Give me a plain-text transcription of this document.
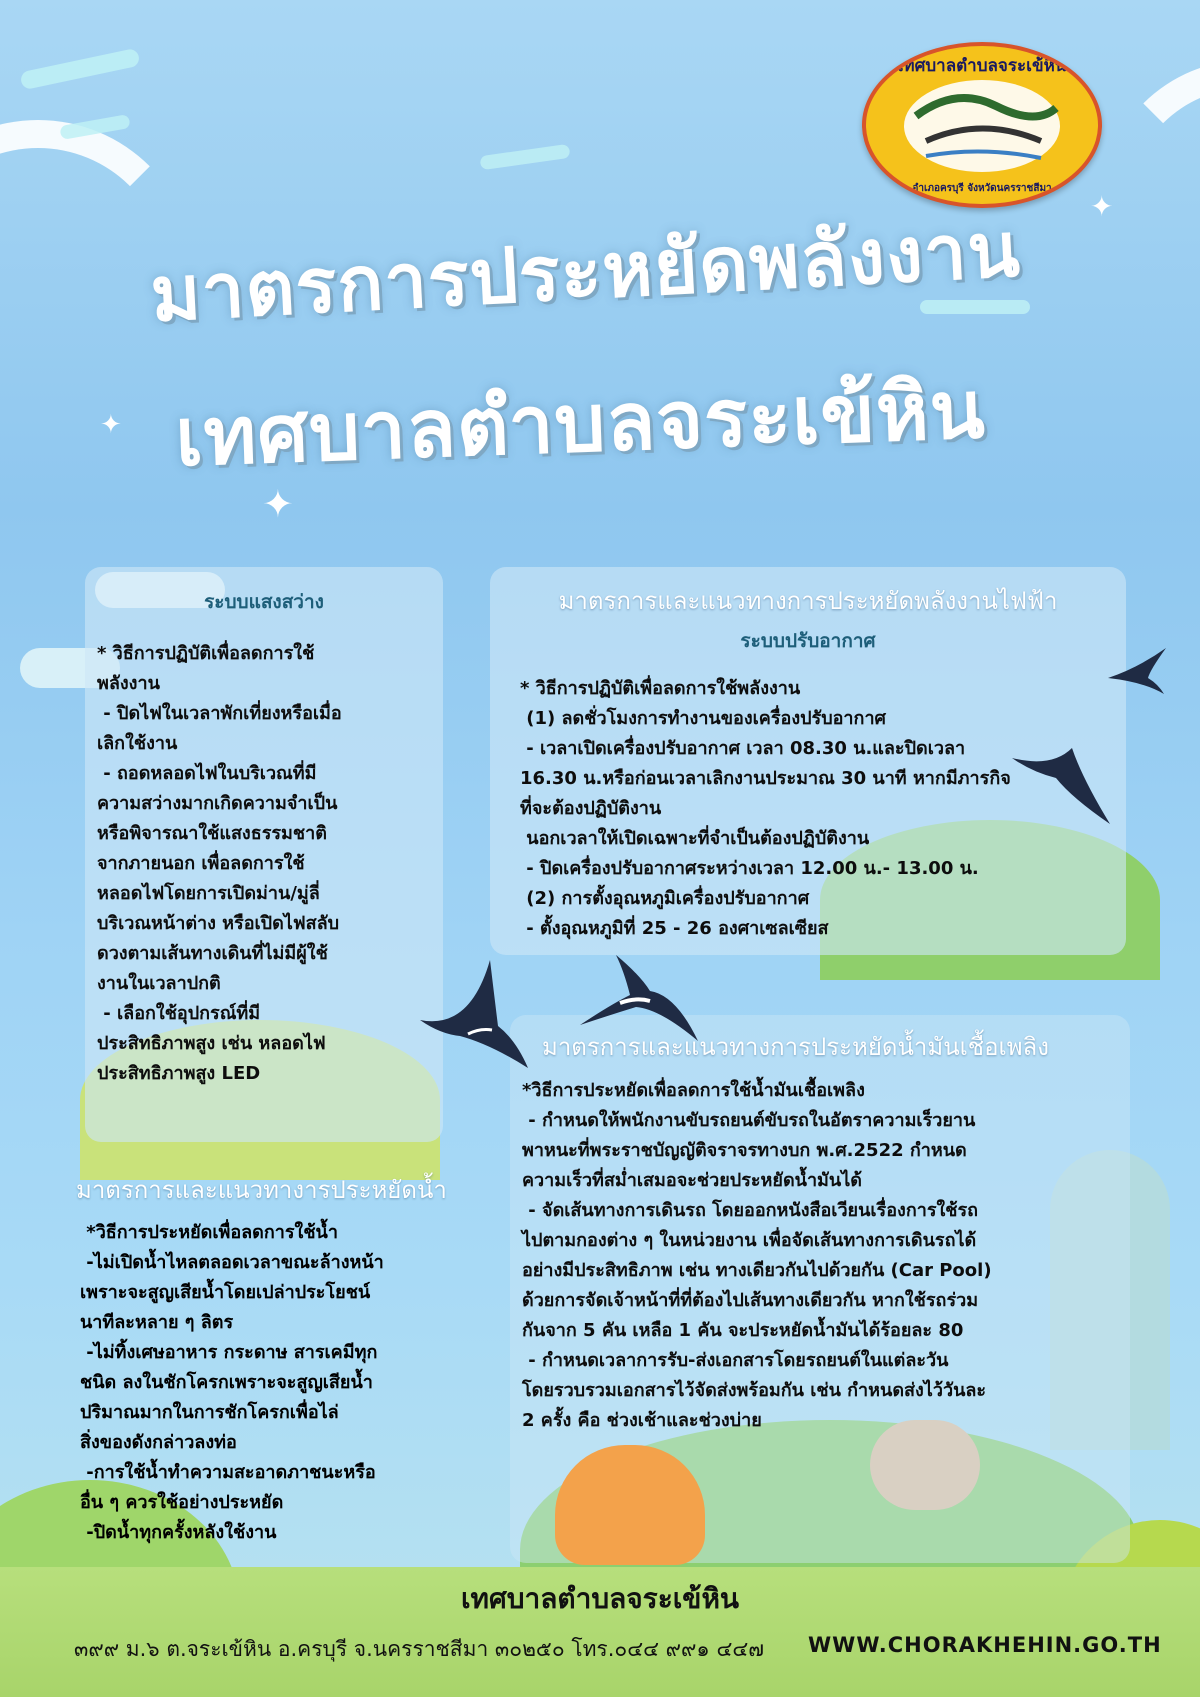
✦
✦
✦
เทศบาลตำบลจระเข้หิน
อำเภอครบุรี จังหวัดนครราชสีมา
มาตรการประหยัดพลังงาน
เทศบาลตำบลจระเข้หิน
ระบบแสงสว่าง
* วิธีการปฏิบัติเพื่อลดการใช้
พลังงาน
- ปิดไฟในเวลาพักเที่ยงหรือเมื่อ
เลิกใช้งาน
- ถอดหลอดไฟในบริเวณที่มี
ความสว่างมากเกิดความจำเป็น
หรือพิจารณาใช้แสงธรรมชาติ
จากภายนอก เพื่อลดการใช้
หลอดไฟโดยการเปิดม่าน/มู่ลี่
บริเวณหน้าต่าง หรือเปิดไฟสลับ
ดวงตามเส้นทางเดินที่ไม่มีผู้ใช้
งานในเวลาปกติ
- เลือกใช้อุปกรณ์ที่มี
ประสิทธิภาพสูง เช่น หลอดไฟ
ประสิทธิภาพสูง LED
มาตรการและแนวทางการประหยัดพลังงานไฟฟ้า
ระบบปรับอากาศ
* วิธีการปฏิบัติเพื่อลดการใช้พลังงาน
(1) ลดชั่วโมงการทำงานของเครื่องปรับอากาศ
- เวลาเปิดเครื่องปรับอากาศ เวลา 08.30 น.และปิดเวลา
16.30 น.หรือก่อนเวลาเลิกงานประมาณ 30 นาที หากมีภารกิจ
ที่จะต้องปฏิบัติงาน
นอกเวลาให้เปิดเฉพาะที่จำเป็นต้องปฏิบัติงาน
- ปิดเครื่องปรับอากาศระหว่างเวลา 12.00 น.- 13.00 น.
(2) การตั้งอุณหภูมิเครื่องปรับอากาศ
- ตั้งอุณหภูมิที่ 25 - 26 องศาเซลเซียส
มาตรการและแนวทางการประหยัดน้ำมันเชื้อเพลิง
*วิธีการประหยัดเพื่อลดการใช้น้ำมันเชื้อเพลิง
- กำหนดให้พนักงานขับรถยนต์ขับรถในอัตราความเร็วยาน
พาหนะที่พระราชบัญญัติจราจรทางบก พ.ศ.2522 กำหนด
ความเร็วที่สม่ำเสมอจะช่วยประหยัดน้ำมันได้
- จัดเส้นทางการเดินรถ โดยออกหนังสือเวียนเรื่องการใช้รถ
ไปตามกองต่าง ๆ ในหน่วยงาน เพื่อจัดเส้นทางการเดินรถได้
อย่างมีประสิทธิภาพ เช่น ทางเดียวกันไปด้วยกัน (Car Pool)
ด้วยการจัดเจ้าหน้าที่ที่ต้องไปเส้นทางเดียวกัน หากใช้รถร่วม
กันจาก 5 คัน เหลือ 1 คัน จะประหยัดน้ำมันได้ร้อยละ 80
- กำหนดเวลาการรับ-ส่งเอกสารโดยรถยนต์ในแต่ละวัน
โดยรวบรวมเอกสารไว้จัดส่งพร้อมกัน เช่น กำหนดส่งไว้วันละ
2 ครั้ง คือ ช่วงเช้าและช่วงบ่าย
มาตรการและแนวทางารประหยัดน้ำ
*วิธีการประหยัดเพื่อลดการใช้น้ำ
-ไม่เปิดน้ำไหลตลอดเวลาขณะล้างหน้า
เพราะจะสูญเสียน้ำโดยเปล่าประโยชน์
นาทีละหลาย ๆ ลิตร
-ไม่ทิ้งเศษอาหาร กระดาษ สารเคมีทุก
ชนิด ลงในชักโครกเพราะจะสูญเสียน้ำ
ปริมาณมากในการชักโครกเพื่อไล่
สิ่งของดังกล่าวลงท่อ
-การใช้น้ำทำความสะอาดภาชนะหรือ
อื่น ๆ ควรใช้อย่างประหยัด
-ปิดน้ำทุกครั้งหลังใช้งาน
เทศบาลตำบลจระเข้หิน
๓๙๙ ม.๖ ต.จระเข้หิน อ.ครบุรี จ.นครราชสีมา ๓๐๒๕๐ โทร.๐๔๔ ๙๙๑ ๔๔๗ WWW.CHORAKHEHIN.GO.TH
